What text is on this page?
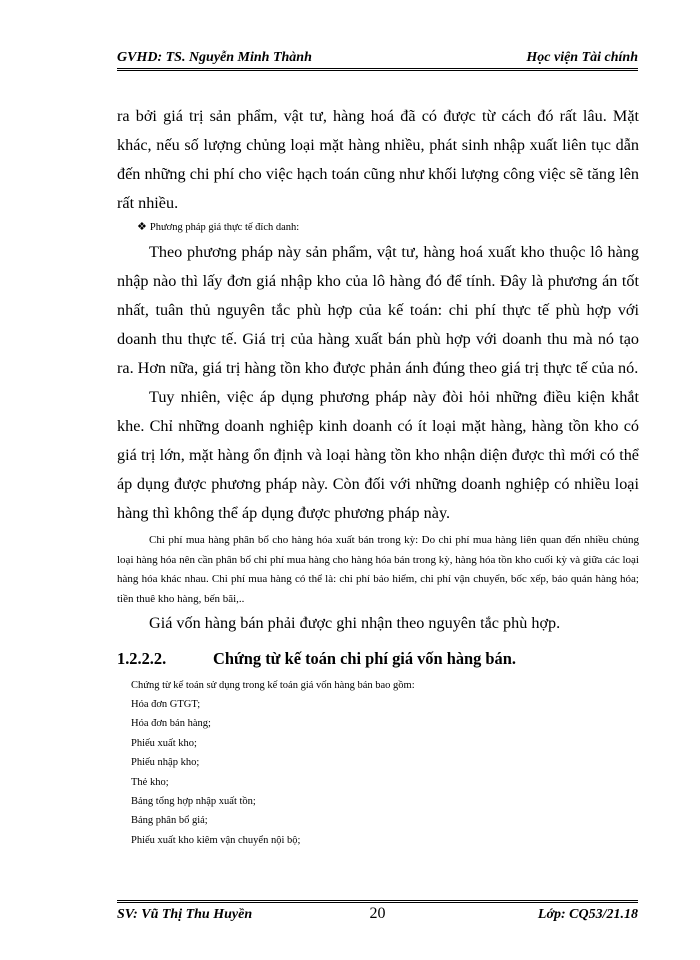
GVHD: TS. Nguyễn Minh Thành	Học viện Tài chính

ra bởi giá trị sản phẩm, vật tư, hàng hoá đã có được từ cách đó rất lâu. Mặt khác, nếu số lượng chủng loại mặt hàng nhiều, phát sinh nhập xuất liên tục dẫn đến những chi phí cho việc hạch toán cũng như khối lượng công việc sẽ tăng lên rất nhiều.

❖ Phương pháp giá thực tế đích danh:

Theo phương pháp này sản phẩm, vật tư, hàng hoá xuất kho thuộc lô hàng nhập nào thì lấy đơn giá nhập kho của lô hàng đó để tính. Đây là phương án tốt nhất, tuân thủ nguyên tắc phù hợp của kế toán: chi phí thực tế phù hợp với doanh thu thực tế. Giá trị của hàng xuất bán phù hợp với doanh thu mà nó tạo ra. Hơn nữa, giá trị hàng tồn kho được phản ánh đúng theo giá trị thực tế của nó.

Tuy nhiên, việc áp dụng phương pháp này đòi hỏi những điều kiện khắt khe. Chỉ những doanh nghiệp kinh doanh có ít loại mặt hàng, hàng tồn kho có giá trị lớn, mặt hàng ổn định và loại hàng tồn kho nhận diện được thì mới có thể áp dụng được phương pháp này. Còn đối với những doanh nghiệp có nhiều loại hàng thì không thể áp dụng được phương pháp này.

Chi phí mua hàng phân bổ cho hàng hóa xuất bán trong kỳ: Do chi phí mua hàng liên quan đến nhiều chủng loại hàng hóa nên cần phân bổ chi phí mua hàng cho hàng hóa bán trong kỳ, hàng hóa tồn kho cuối kỳ và giữa các loại hàng hóa khác nhau. Chi phí mua hàng có thể là: chi phí bảo hiểm, chi phí vận chuyển, bốc xếp, bảo quản hàng hóa; tiền thuê kho hàng, bến bãi,..

Giá vốn hàng bán phải được ghi nhận theo nguyên tắc phù hợp.

1.2.2.2.	Chứng từ kế toán chi phí giá vốn hàng bán.

Chứng từ kế toán sử dụng trong kế toán giá vốn hàng bán bao gồm:

Hóa đơn GTGT;
Hóa đơn bán hàng;
Phiếu xuất kho;
Phiếu nhập kho;
Thẻ kho;
Bảng tổng hợp nhập xuất tồn;
Bảng phân bổ giá;
Phiếu xuất kho kiêm vận chuyển nội bộ;
SV: Vũ Thị Thu Huyền	20	Lớp: CQ53/21.18
